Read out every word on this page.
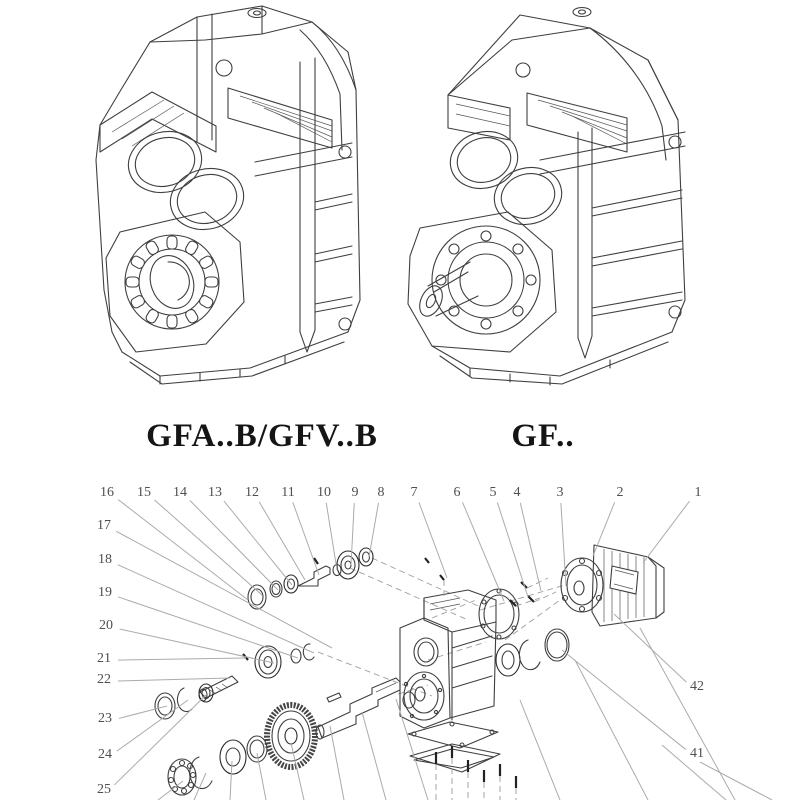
1
2
3
4
5
6
7
8
9
10
11
12
13
14
15
16
17
18
19
20
21
22
23
24
25
41
42
GFA..B/GFV..B	GF..
